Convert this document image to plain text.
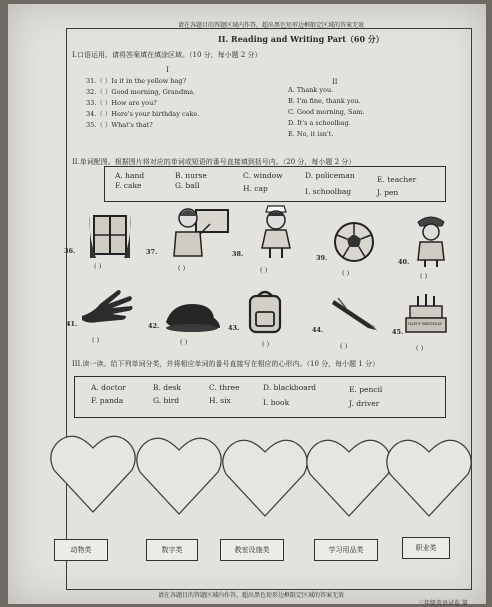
请在各题目的答题区域内作答，超出黑色矩形边框限定区域的答案无效
II. Reading and Writing Part（60 分）
I.口语运用。请将答案填在填涂区域。（10 分，每小题 2 分）
I
II
31.（ ）Is it in the yellow bag?
32.（ ）Good morning, Grandma.
33.（ ）How are you?
34.（ ）Here's your birthday cake.
35.（ ）What's that?
A. Thank you.
B. I'm fine, thank you.
C. Good morning, Sam.
D. It's a schoolbag.
E. No, it isn't.
II.单词配图。根据图片将对应的单词或短语的番号直接填到括号内。（20 分，每小题 2 分）
A. hand	B. nurse	C. window	D. policeman	E. teacher
F. cake	G. ball	H. cap	I. schoolbag	J. pen
36.
( )
37.
( )
38.
( )
39.
( )
40.
( )
41.
( )
42.
( )
43.
( )
44.
( )
45.
HAPPY BIRTHDAY
( )
III.读一读。给下列单词分类，并将相应单词的番号直接写在相应的心形内。（10 分，每小题 1 分）
A. doctor	B. desk	C. three	D. blackboard	E. pencil
F. panda	G. bird	H. six	I. book	J. driver
动物类	数字类	教室设施类	学习用品类	职业类
请在各题目的答题区域内作答，超出黑色矩形边框限定区域的答案无效
三年级英语试卷 第
